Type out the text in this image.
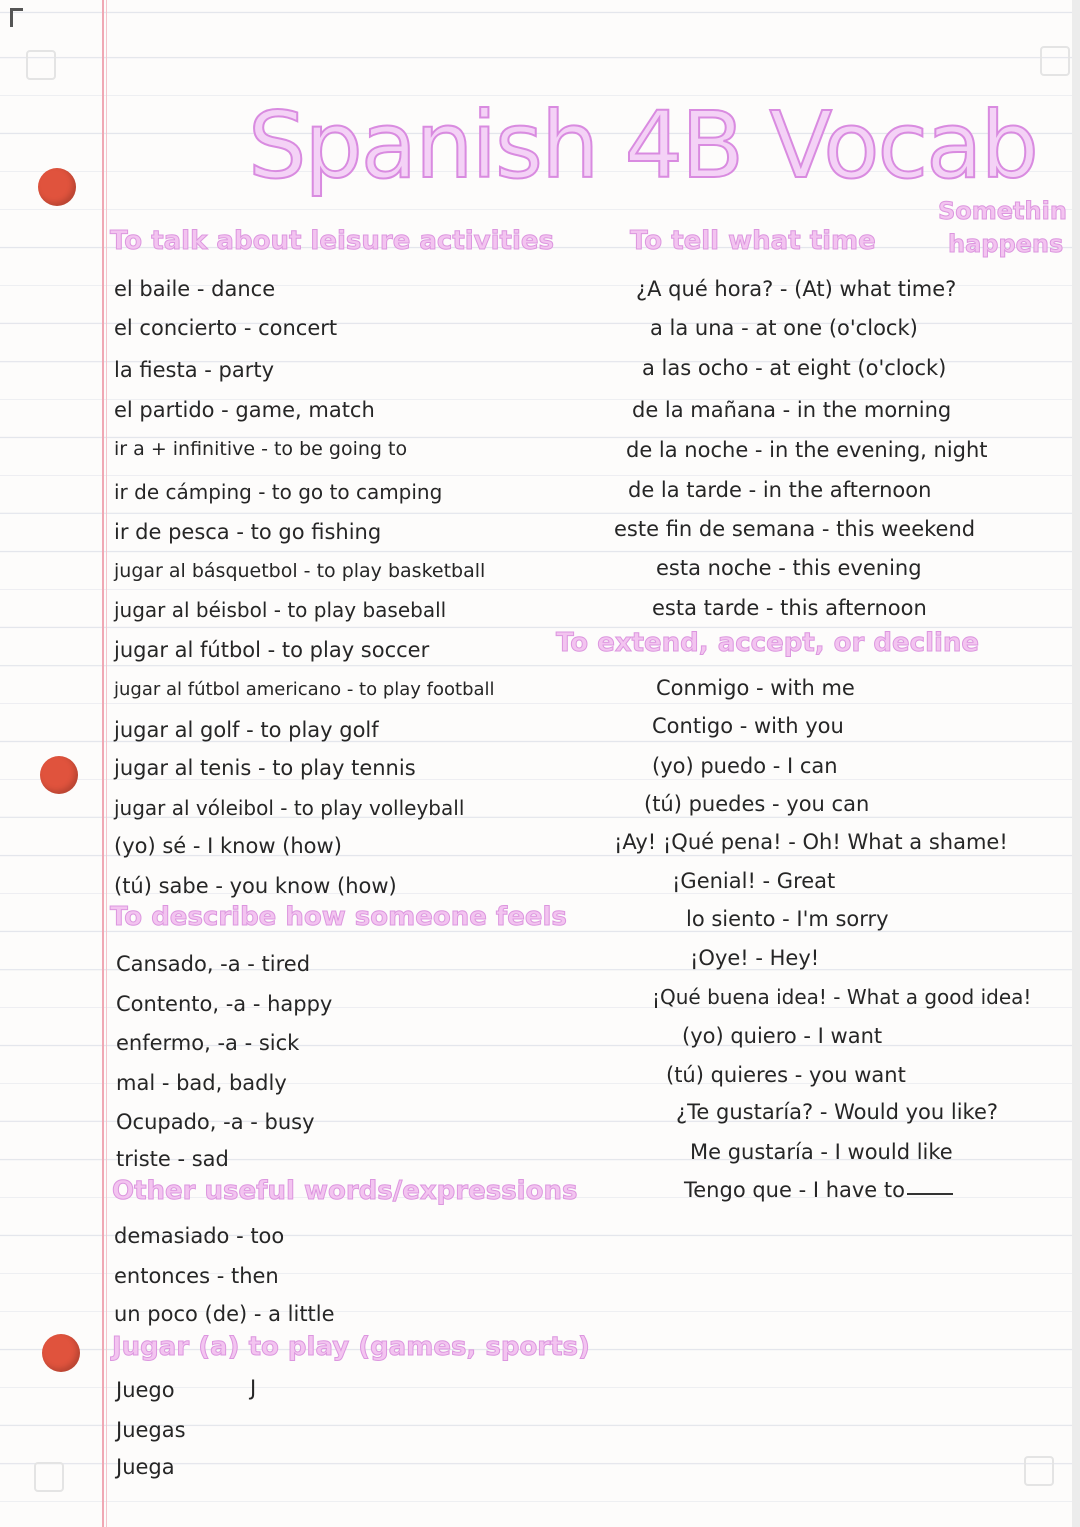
Spanish 4B Vocab
To talk about leisure activities	To tell what time
Somethin
happens
el baile - dance
el concierto - concert
la fiesta - party
el partido - game, match
ir a + infinitive - to be going to
ir de cámping - to go to camping
ir de pesca - to go fishing
jugar al básquetbol - to play basketball
jugar al béisbol - to play baseball
jugar al fútbol - to play soccer
jugar al fútbol americano - to play football
jugar al golf - to play golf
jugar al tenis - to play tennis
jugar al vóleibol - to play volleyball
(yo) sé - I know (how)
(tú) sabe - you know (how)
To describe how someone feels
Cansado, -a - tired
Contento, -a - happy
enfermo, -a - sick
mal - bad, badly
Ocupado, -a - busy
triste - sad
Other useful words/expressions
demasiado - too
entonces - then
un poco (de) - a little
Jugar (a) to play (games, sports)
Juego	J
Juegas
Juega
¿A qué hora? - (At) what time?
a la una - at one (o'clock)
a las ocho - at eight (o'clock)
de la mañana - in the morning
de la noche - in the evening, night
de la tarde - in the afternoon
este fin de semana - this weekend
esta noche - this evening
esta tarde - this afternoon
To extend, accept, or decline
Conmigo - with me
Contigo - with you
(yo) puedo - I can
(tú) puedes - you can
¡Ay! ¡Qué pena! - Oh! What a shame!
¡Genial! - Great
lo siento - I'm sorry
¡Oye! - Hey!
¡Qué buena idea! - What a good idea!
(yo) quiero - I want
(tú) quieres - you want
¿Te gustaría? - Would you like?
Me gustaría - I would like
Tengo que - I have to
